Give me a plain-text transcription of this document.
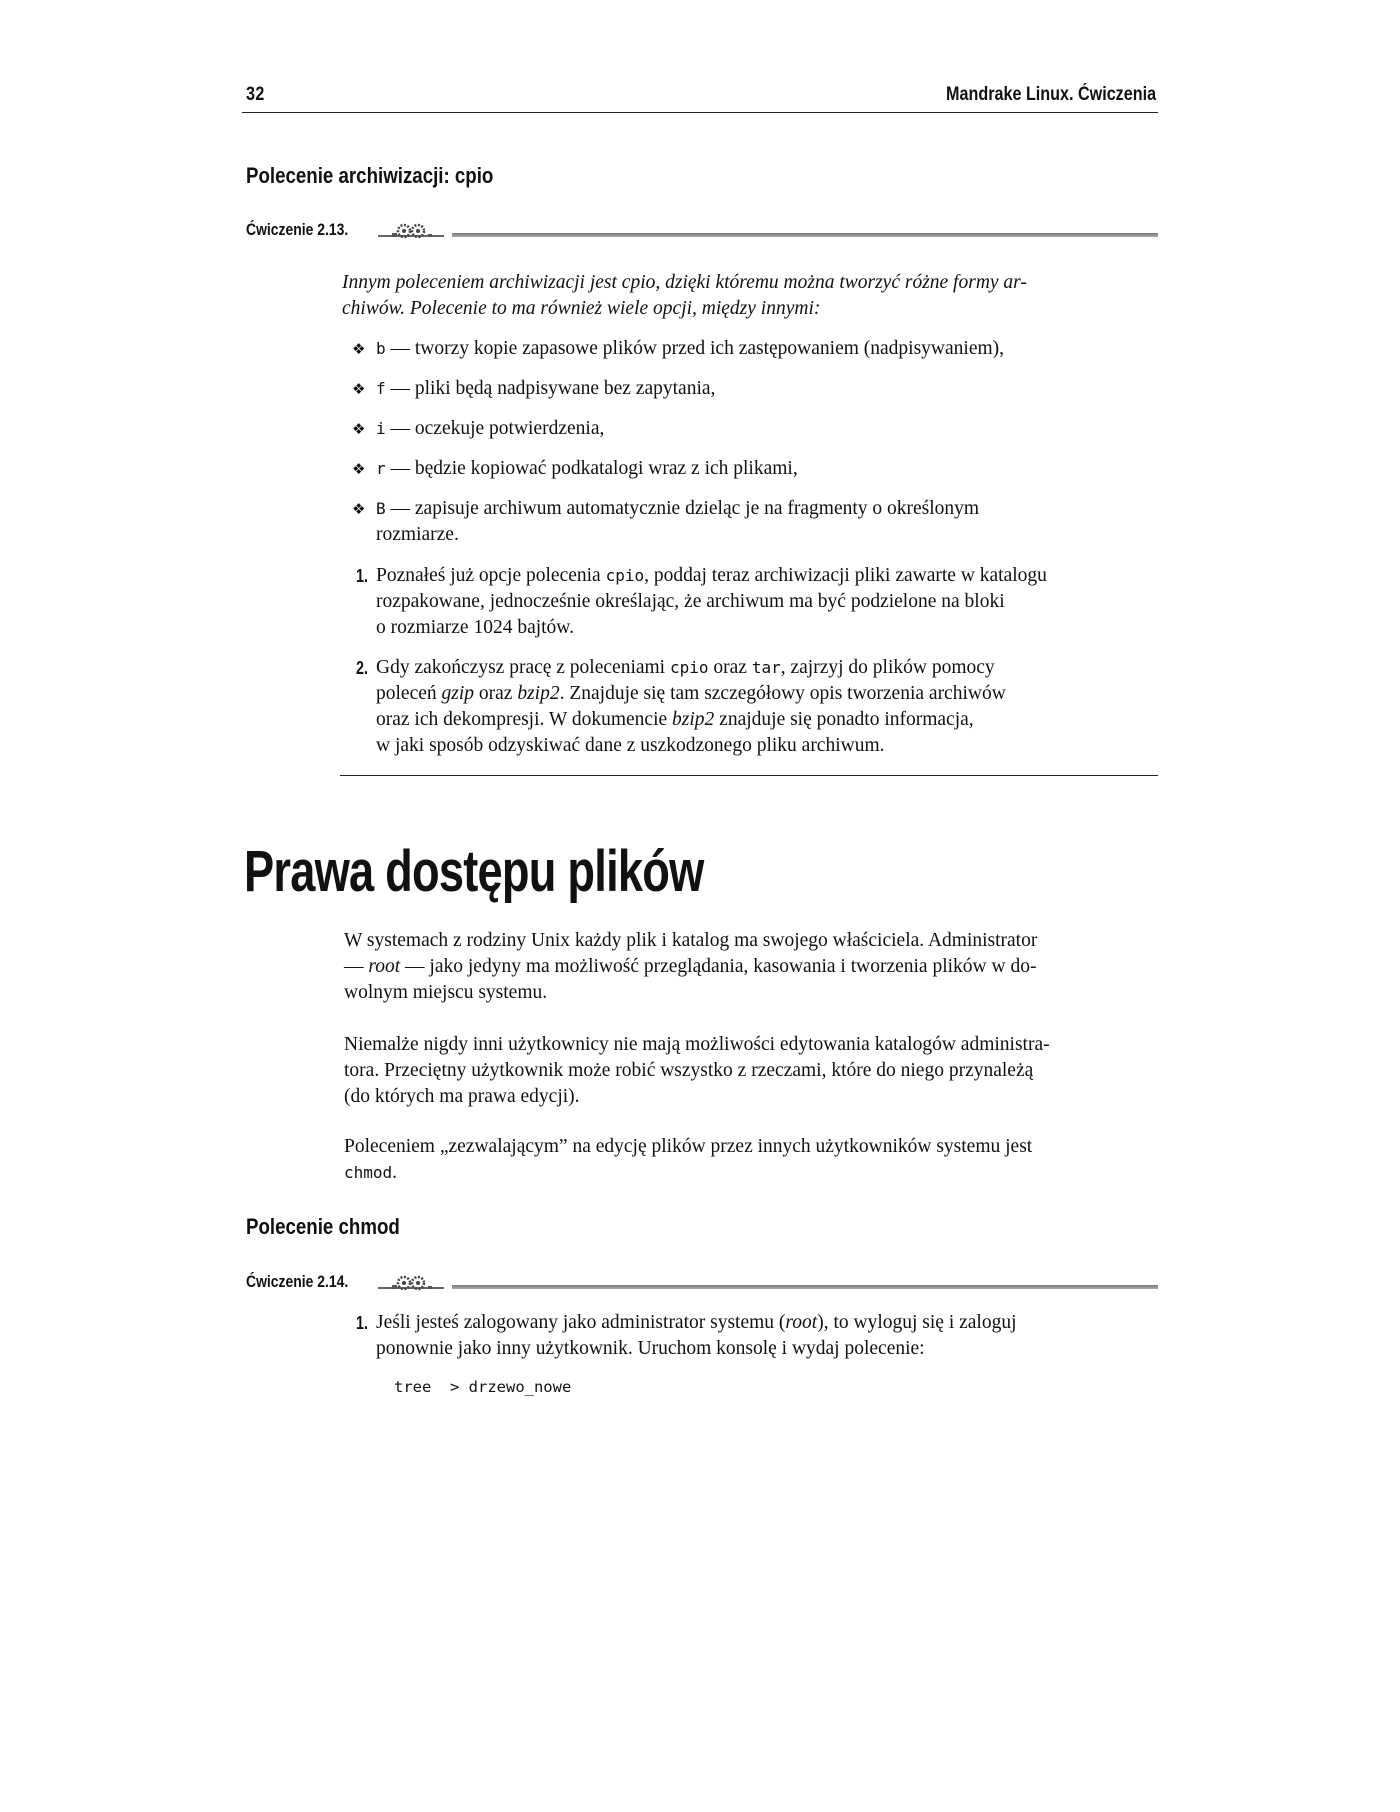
32	Mandrake Linux. Ćwiczenia
Polecenie archiwizacji: cpio
Ćwiczenie 2.13.
Innym poleceniem archiwizacji jest cpio, dzięki któremu można tworzyć różne formy ar-
chiwów. Polecenie to ma również wiele opcji, między innymi:
❖ b — tworzy kopie zapasowe plików przed ich zastępowaniem (nadpisywaniem),
❖ f — pliki będą nadpisywane bez zapytania,
❖ i — oczekuje potwierdzenia,
❖ r — będzie kopiować podkatalogi wraz z ich plikami,
❖ B — zapisuje archiwum automatycznie dzieląc je na fragmenty o określonym
rozmiarze.
1. Poznałeś już opcje polecenia cpio, poddaj teraz archiwizacji pliki zawarte w katalogu
rozpakowane, jednocześnie określając, że archiwum ma być podzielone na bloki
o rozmiarze 1024 bajtów.
2. Gdy zakończysz pracę z poleceniami cpio oraz tar, zajrzyj do plików pomocy
poleceń gzip oraz bzip2. Znajduje się tam szczegółowy opis tworzenia archiwów
oraz ich dekompresji. W dokumencie bzip2 znajduje się ponadto informacja,
w jaki sposób odzyskiwać dane z uszkodzonego pliku archiwum.
Prawa dostępu plików
W systemach z rodziny Unix każdy plik i katalog ma swojego właściciela. Administrator
— root — jako jedyny ma możliwość przeglądania, kasowania i tworzenia plików w do-
wolnym miejscu systemu.
Niemalże nigdy inni użytkownicy nie mają możliwości edytowania katalogów administra-
tora. Przeciętny użytkownik może robić wszystko z rzeczami, które do niego przynależą
(do których ma prawa edycji).
Poleceniem „zezwalającym” na edycję plików przez innych użytkowników systemu jest
chmod.
Polecenie chmod
Ćwiczenie 2.14.
1. Jeśli jesteś zalogowany jako administrator systemu (root), to wyloguj się i zaloguj
ponownie jako inny użytkownik. Uruchom konsolę i wydaj polecenie:
tree  > drzewo_nowe
